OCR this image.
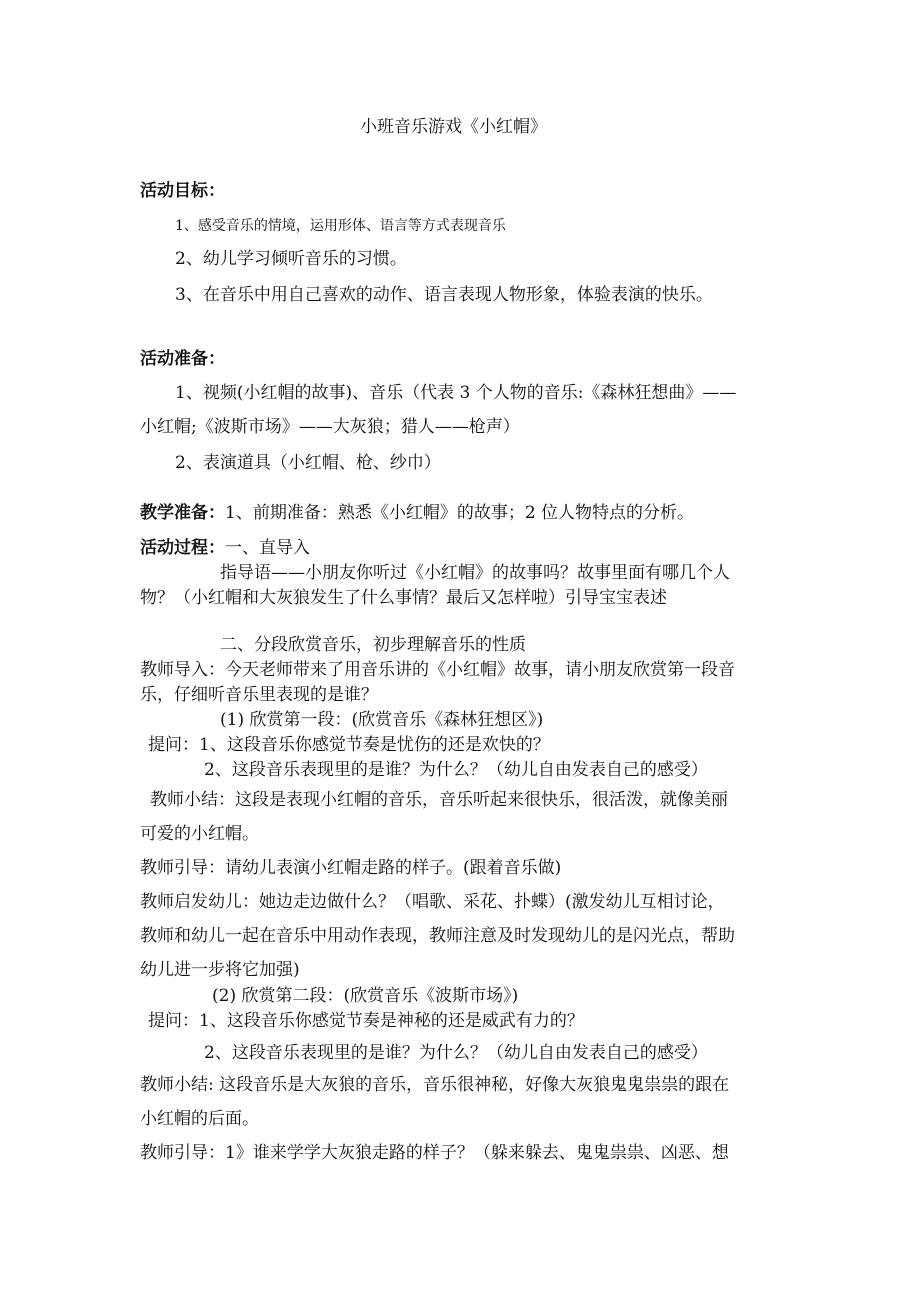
小班音乐游戏《小红帽》

活动目标：

1、感受音乐的情境，运用形体、语言等方式表现音乐

2、幼儿学习倾听音乐的习惯。

3、在音乐中用自己喜欢的动作、语言表现人物形象，体验表演的快乐。

活动准备：

1、视频(小红帽的故事)、音乐（代表 3 个人物的音乐:《森林狂想曲》——

小红帽;《波斯市场》——大灰狼；猎人——枪声）

2、表演道具（小红帽、枪、纱巾）

教学准备：1、前期准备：熟悉《小红帽》的故事；2 位人物特点的分析。

活动过程：一、直导入

指导语——小朋友你听过《小红帽》的故事吗？故事里面有哪几个人

物？（小红帽和大灰狼发生了什么事情？最后又怎样啦）引导宝宝表述

二、分段欣赏音乐，初步理解音乐的性质

教师导入：今天老师带来了用音乐讲的《小红帽》故事，请小朋友欣赏第一段音

乐，仔细听音乐里表现的是谁？

(1) 欣赏第一段：(欣赏音乐《森林狂想区》)

提问：1、这段音乐你感觉节奏是忧伤的还是欢快的？

2、这段音乐表现里的是谁？为什么？（幼儿自由发表自己的感受）

教师小结：这段是表现小红帽的音乐，音乐听起来很快乐，很活泼，就像美丽

可爱的小红帽。

教师引导：请幼儿表演小红帽走路的样子。(跟着音乐做)

教师启发幼儿：她边走边做什么？（唱歌、采花、扑蝶）(激发幼儿互相讨论，

教师和幼儿一起在音乐中用动作表现，教师注意及时发现幼儿的是闪光点，帮助

幼儿进一步将它加强)

(2) 欣赏第二段：(欣赏音乐《波斯市场》)

提问：1、这段音乐你感觉节奏是神秘的还是威武有力的？

2、这段音乐表现里的是谁？为什么？（幼儿自由发表自己的感受）

教师小结: 这段音乐是大灰狼的音乐，音乐很神秘，好像大灰狼鬼鬼祟祟的跟在

小红帽的后面。

教师引导：1》谁来学学大灰狼走路的样子？（躲来躲去、鬼鬼祟祟、凶恶、想
